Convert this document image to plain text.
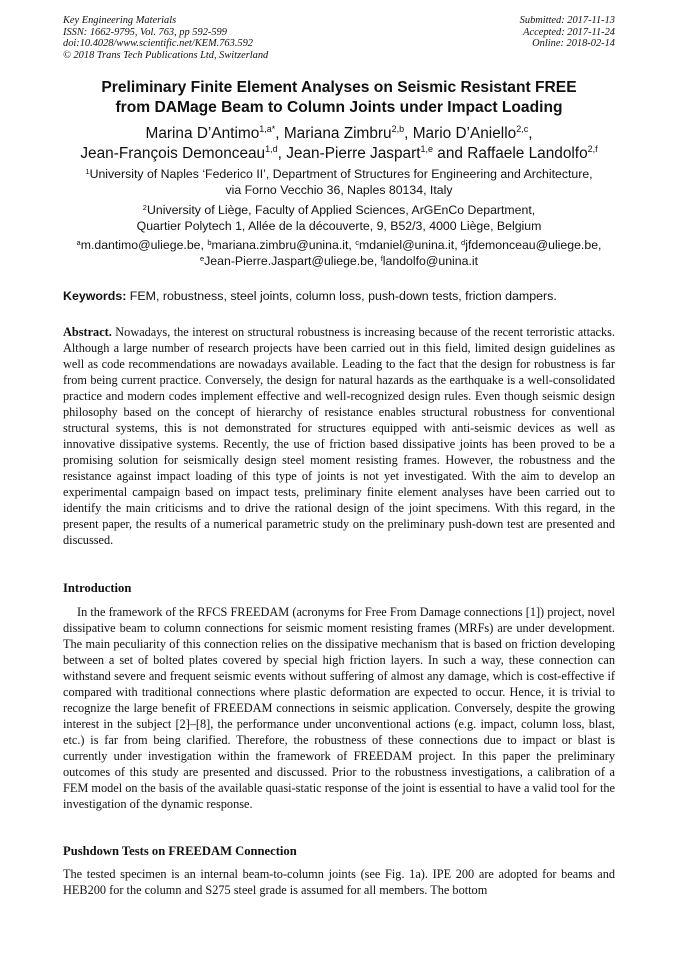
Key Engineering Materials
ISSN: 1662-9795, Vol. 763, pp 592-599
doi:10.4028/www.scientific.net/KEM.763.592
© 2018 Trans Tech Publications Ltd, Switzerland
Submitted: 2017-11-13
Accepted: 2017-11-24
Online: 2018-02-14
Preliminary Finite Element Analyses on Seismic Resistant FREE
from DAMage Beam to Column Joints under Impact Loading
Marina D’Antimo$^{1,a*}$, Mariana Zimbru$^{2,b}$, Mario D’Aniello$^{2,c}$,
Jean-François Demonceau$^{1,d}$, Jean-Pierre Jaspart$^{1,e}$ and Raffaele Landolfo$^{2,f}$
$^1$University of Naples ‘Federico II’, Department of Structures for Engineering and Architecture,
via Forno Vecchio 36, Naples 80134, Italy
$^2$University of Liège, Faculty of Applied Sciences, ArGEnCo Department,
Quartier Polytech 1, Allée de la découverte, 9, B52/3, 4000 Liège, Belgium
$^a$m.dantimo@uliege.be, $^b$mariana.zimbru@unina.it, $^c$mdaniel@unina.it, $^d$jfdemonceau@uliege.be,
$^e$Jean-Pierre.Jaspart@uliege.be, $^f$landolfo@unina.it
Keywords: FEM, robustness, steel joints, column loss, push-down tests, friction dampers.
Abstract. Nowadays, the interest on structural robustness is increasing because of the recent terroristic attacks. Although a large number of research projects have been carried out in this field, limited design guidelines as well as code recommendations are nowadays available. Leading to the fact that the design for robustness is far from being current practice. Conversely, the design for natural hazards as the earthquake is a well-consolidated practice and modern codes implement effective and well-recognized design rules. Even though seismic design philosophy based on the concept of hierarchy of resistance enables structural robustness for conventional structural systems, this is not demonstrated for structures equipped with anti-seismic devices as well as innovative dissipative systems. Recently, the use of friction based dissipative joints has been proved to be a promising solution for seismically design steel moment resisting frames. However, the robustness and the resistance against impact loading of this type of joints is not yet investigated. With the aim to develop an experimental campaign based on impact tests, preliminary finite element analyses have been carried out to identify the main criticisms and to drive the rational design of the joint specimens. With this regard, in the present paper, the results of a numerical parametric study on the preliminary push-down test are presented and discussed.
Introduction
In the framework of the RFCS FREEDAM (acronyms for Free From Damage connections [1]) project, novel dissipative beam to column connections for seismic moment resisting frames (MRFs) are under development. The main peculiarity of this connection relies on the dissipative mechanism that is based on friction developing between a set of bolted plates covered by special high friction layers. In such a way, these connection can withstand severe and frequent seismic events without suffering of almost any damage, which is cost-effective if compared with traditional connections where plastic deformation are expected to occur. Hence, it is trivial to recognize the large benefit of FREEDAM connections in seismic application. Conversely, despite the growing interest in the subject [2]–[8], the performance under unconventional actions (e.g. impact, column loss, blast, etc.) is far from being clarified. Therefore, the robustness of these connections due to impact or blast is currently under investigation within the framework of FREEDAM project. In this paper the preliminary outcomes of this study are presented and discussed. Prior to the robustness investigations, a calibration of a FEM model on the basis of the available quasi-static response of the joint is essential to have a valid tool for the investigation of the dynamic response.
Pushdown Tests on FREEDAM Connection
The tested specimen is an internal beam-to-column joints (see Fig. 1a). IPE 200 are adopted for beams and HEB200 for the column and S275 steel grade is assumed for all members. The bottom
